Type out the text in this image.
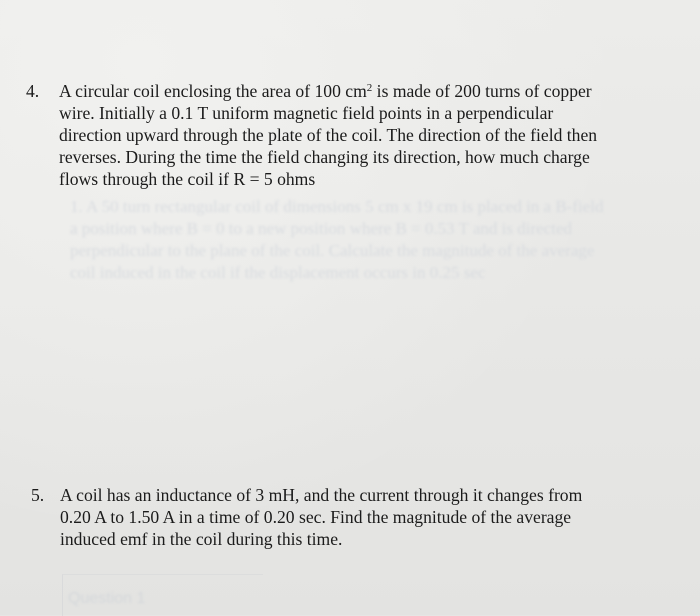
1. A 50 turn rectangular coil of dimensions 5 cm x 19 cm is placed in a B-field
a position where B = 0 to a new position where B = 0.53 T and is directed
perpendicular to the plane of the coil. Calculate the magnitude of the average
coil induced in the coil if the displacement occurs in 0.25 sec
4. A circular coil enclosing the area of 100 $cm^2$ is made of 200 turns of copper
wire. Initially a 0.1 T uniform magnetic field points in a perpendicular
direction upward through the plate of the coil. The direction of the field then
reverses. During the time the field changing its direction, how much charge
flows through the coil if R = 5 ohms
5. A coil has an inductance of 3 mH, and the current through it changes from
0.20 A to 1.50 A in a time of 0.20 sec. Find the magnitude of the average
induced emf in the coil during this time.
Question 1
